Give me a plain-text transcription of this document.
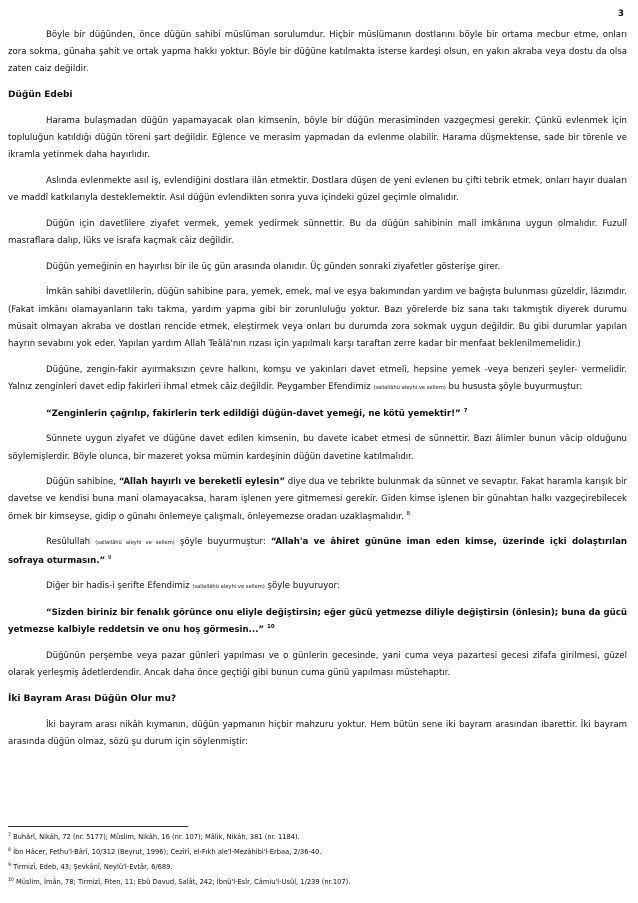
3

Böyle bir düğünden, önce düğün sahibi müslüman sorulumdur. Hiçbir müslümanın dostlarını böyle bir ortama mecbur etme, onları zora sokma, günaha şahit ve ortak yapma hakkı yoktur. Böyle bir düğüne katılmakta isterse kardeşi olsun, en yakın akraba veya dostu da olsa zaten caiz değildir.

Düğün Edebi

Harama bulaşmadan düğün yapamayacak olan kimsenin, böyle bir düğün merasiminden vazgeçmesi gerekir. Çünkü evlenmek için topluluğun katıldığı düğün töreni şart değildir. Eğlence ve merasim yapmadan da evlenme olabilir. Harama düşmektense, sade bir törenle ve ikramla yetinmek daha hayırlıdır.

Aslında evlenmekte asıl iş, evlendiğini dostlara ilân etmektir. Dostlara düşen de yeni evlenen bu çifti tebrik etmek, onları hayır duaları ve maddî katkılarıyla desteklemektir. Asıl düğün evlendikten sonra yuva içindeki güzel geçimle olmalıdır.

Düğün için davetlilere ziyafet vermek, yemek yedirmek sünnettir. Bu da düğün sahibinin malî imkânına uygun olmalıdır. Fuzulî masraflara dalıp, lüks ve israfa kaçmak câiz değildir.

Düğün yemeğinin en hayırlısı bir ile üç gün arasında olanıdır. Üç günden sonraki ziyafetler gösterişe girer.

İmkân sahibi davetlilerin, düğün sahibine para, yemek, emek, mal ve eşya bakımından yardım ve bağışta bulunması güzeldir, lâzımdır. (Fakat imkânı olamayanların takı takma, yardım yapma gibi bir zorunluluğu yoktur. Bazı yörelerde biz sana takı takmıştık diyerek durumu müsait olmayan akraba ve dostları rencide etmek, eleştirmek veya onları bu durumda zora sokmak uygun değildir. Bu gibi durumlar yapılan hayrın sevabını yok eder. Yapılan yardım Allah Teâlâ'nın rızası için yapılmalı karşı taraftan zerre kadar bir menfaat beklenilmemelidir.)

Düğüne, zengin-fakir ayırmaksızın çevre halkını, komşu ve yakınları davet etmeli, hepsine yemek -veya benzeri şeyler- vermelidir. Yalnız zenginleri davet edip fakirleri ihmal etmek câiz değildir. Peygamber Efendimiz (sallallâhü aleyhi ve sellem) bu hususta şöyle buyurmuştur:

“Zenginlerin çağrılıp, fakirlerin terk edildiği düğün-davet yemeği, ne kötü yemektir!” $^7$

Sünnete uygun ziyafet ve düğüne davet edilen kimsenin, bu davete icabet etmesi de sünnettir. Bazı âlimler bunun vâcip olduğunu söylemişlerdir. Böyle olunca, bir mazeret yoksa mümin kardeşinin düğün davetine katılmalıdır.

Düğün sahibine, “Allah hayırlı ve bereketli eylesin” diye dua ve tebrikte bulunmak da sünnet ve sevaptır. Fakat haramla karışık bir davetse ve kendisi buna mani olamayacaksa, haram işlenen yere gitmemesi gerekir. Giden kimse işlenen bir günahtan halkı vazgeçirebilecek örnek bir kimseyse, gidip o günahı önlemeye çalışmalı, önleyemezse oradan uzaklaşmalıdır. $^8$

Resûlullah (sallallâhü aleyhi ve sellem) şöyle buyurmuştur: “Allah'a ve âhiret gününe iman eden kimse, üzerinde içki dolaştırılan sofraya oturmasın.” $^9$

Diğer bir hadis-i şerifte Efendimiz (sallallâhü aleyhi ve sellem) şöyle buyuruyor:

“Sizden biriniz bir fenalık görünce onu eliyle değiştirsin; eğer gücü yetmezse diliyle değiştirsin (önlesin); buna da gücü yetmezse kalbiyle reddetsin ve onu hoş görmesin...” $^{10}$

Düğünün perşembe veya pazar günleri yapılması ve o günlerin gecesinde, yani cuma veya pazartesi gecesi zifafa girilmesi, güzel olarak yerleşmiş âdetlerdendir. Ancak daha önce geçtiği gibi bunun cuma günü yapılması müstehaptır.

İki Bayram Arası Düğün Olur mu?

İki bayram arası nikâh kıymanın, düğün yapmanın hiçbir mahzuru yoktur. Hem bütün sene iki bayram arasından ibarettir. İki bayram arasında düğün olmaz, sözü şu durum için söylenmiştir:

$^7$ Buhârî, Nikâh, 72 (nr. 5177); Müslim, Nikâh, 16 (nr. 107); Mâlik, Nikâh, 381 (nr. 1184).

$^8$ İbn Hâcer, Fethu'l-Bârî, 10/312 (Beyrut, 1996); Cezîrî, el-Fıkh ale'l-Mezâhibi'l-Erbaa, 2/36-40.

$^9$ Tirmizî, Edeb, 43; Şevkânî, Neylü'l-Evtâr, 6/689.

$^{10}$ Müslim, İmân, 78; Tirmizî, Fiten, 11; Ebû Davud, Salât, 242; İbnü'l-Esîr, Câmiu'l-Usûl, 1/239 (nr.107).
